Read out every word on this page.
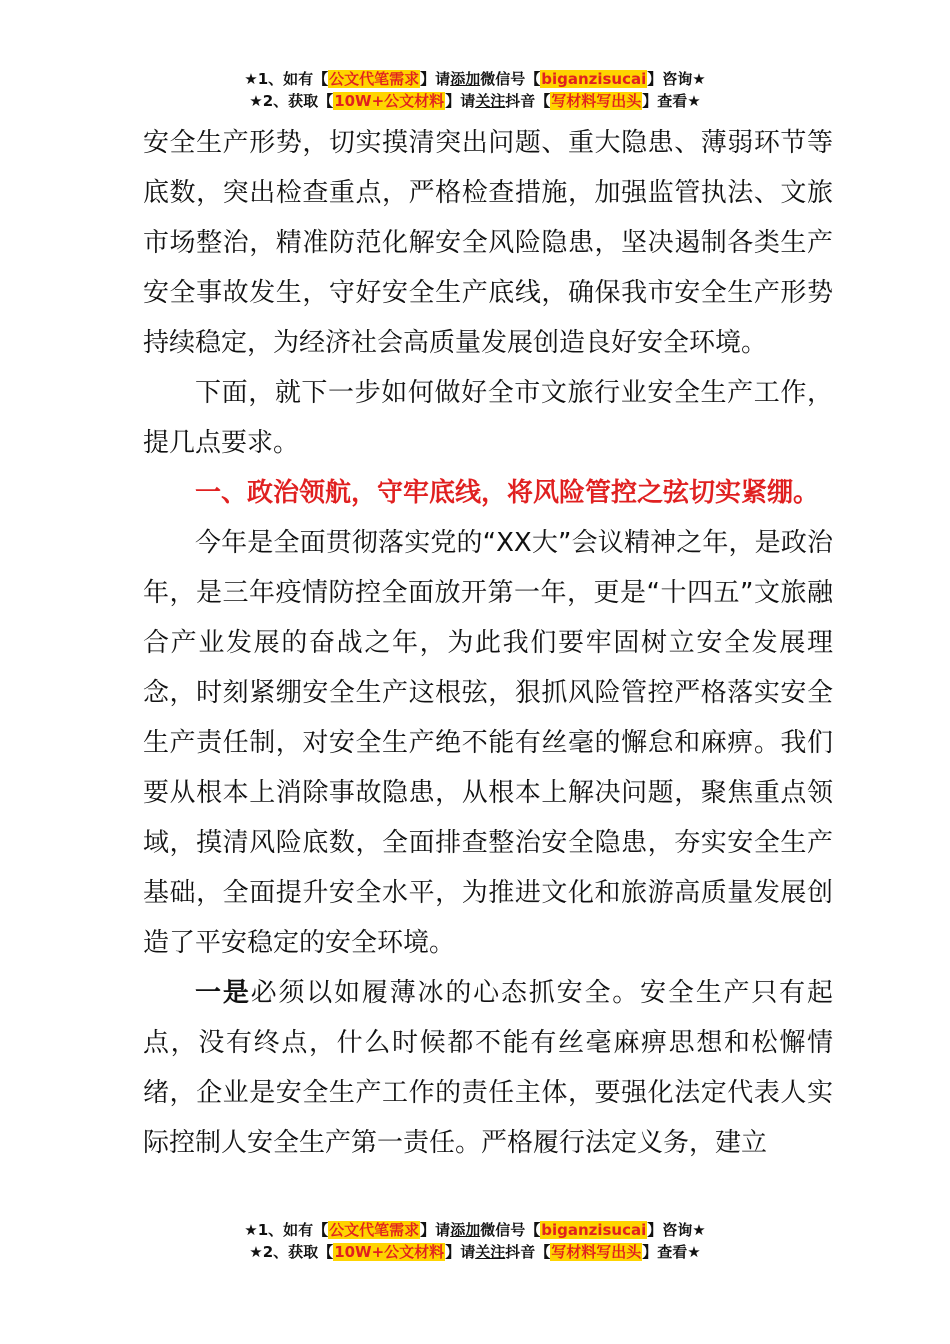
★1、如有【公文代笔需求】请添加微信号【biganzisucai】咨询★
★2、获取【10W+公文材料】请关注抖音【写材料写出头】查看★

安全生产形势，切实摸清突出问题、重大隐患、薄弱环节等底数，突出检查重点，严格检查措施，加强监管执法、文旅市场整治，精准防范化解安全风险隐患，坚决遏制各类生产安全事故发生，守好安全生产底线，确保我市安全生产形势持续稳定，为经济社会高质量发展创造良好安全环境。

下面，就下一步如何做好全市文旅行业安全生产工作，提几点要求。

一、政治领航，守牢底线，将风险管控之弦切实紧绷。

今年是全面贯彻落实党的“XX大”会议精神之年，是政治年，是三年疫情防控全面放开第一年，更是“十四五”文旅融合产业发展的奋战之年，为此我们要牢固树立安全发展理念，时刻紧绷安全生产这根弦，狠抓风险管控严格落实安全生产责任制，对安全生产绝不能有丝毫的懈怠和麻痹。我们要从根本上消除事故隐患，从根本上解决问题，聚焦重点领域，摸清风险底数，全面排查整治安全隐患，夯实安全生产基础，全面提升安全水平，为推进文化和旅游高质量发展创造了平安稳定的安全环境。

一是必须以如履薄冰的心态抓安全。安全生产只有起点，没有终点，什么时候都不能有丝毫麻痹思想和松懈情绪，企业是安全生产工作的责任主体，要强化法定代表人实际控制人安全生产第一责任。严格履行法定义务，建立

★1、如有【公文代笔需求】请添加微信号【biganzisucai】咨询★
★2、获取【10W+公文材料】请关注抖音【写材料写出头】查看★
